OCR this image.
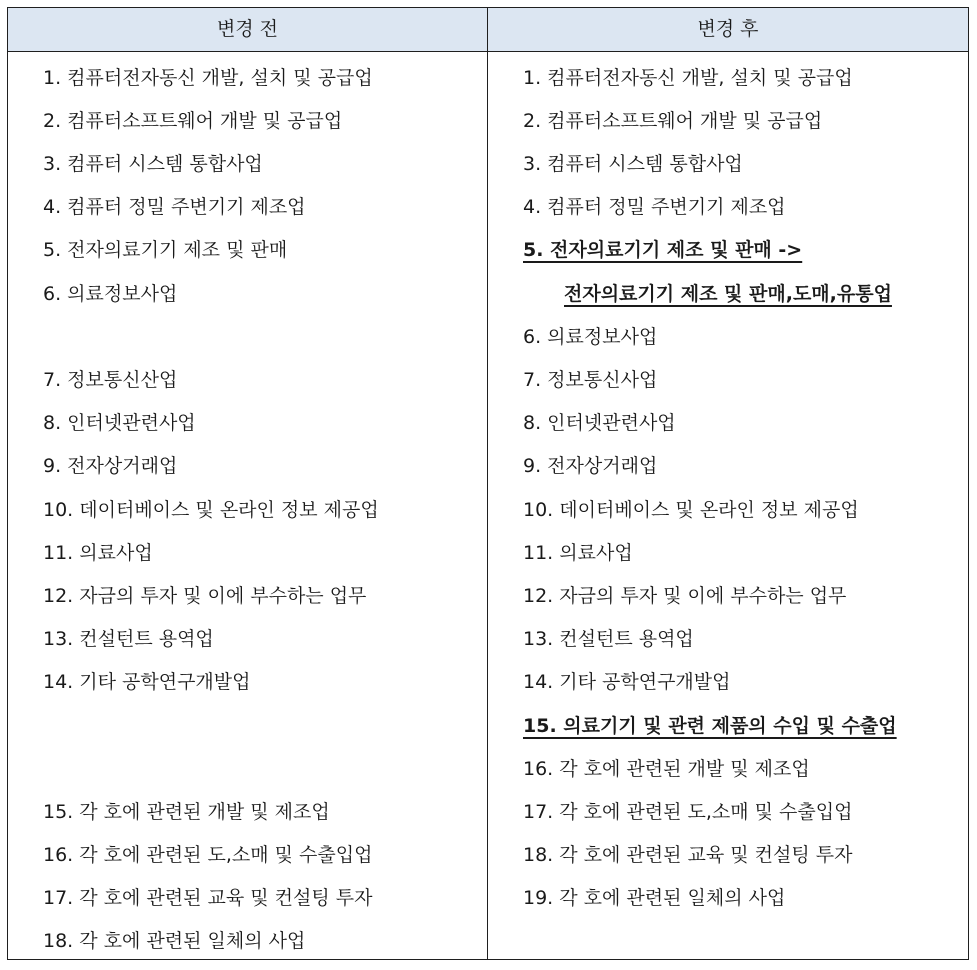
변경 전	변경 후
1. 컴퓨터전자동신 개발, 설치 및 공급업
2. 컴퓨터소프트웨어 개발 및 공급업
3. 컴퓨터 시스템 통합사업
4. 컴퓨터 정밀 주변기기 제조업
5. 전자의료기기 제조 및 판매
6. 의료정보사업
7. 정보통신산업
8. 인터넷관련사업
9. 전자상거래업
10. 데이터베이스 및 온라인 정보 제공업
11. 의료사업
12. 자금의 투자 및 이에 부수하는 업무
13. 컨설턴트 용역업
14. 기타 공학연구개발업
15. 각 호에 관련된 개발 및 제조업
16. 각 호에 관련된 도,소매 및 수출입업
17. 각 호에 관련된 교육 및 컨설팅 투자
18. 각 호에 관련된 일체의 사업
1. 컴퓨터전자동신 개발, 설치 및 공급업
2. 컴퓨터소프트웨어 개발 및 공급업
3. 컴퓨터 시스템 통합사업
4. 컴퓨터 정밀 주변기기 제조업
5. 전자의료기기 제조 및 판매 ->
전자의료기기 제조 및 판매,도매,유통업
6. 의료정보사업
7. 정보통신사업
8. 인터넷관련사업
9. 전자상거래업
10. 데이터베이스 및 온라인 정보 제공업
11. 의료사업
12. 자금의 투자 및 이에 부수하는 업무
13. 컨설턴트 용역업
14. 기타 공학연구개발업
15. 의료기기 및 관련 제품의 수입 및 수출업
16. 각 호에 관련된 개발 및 제조업
17. 각 호에 관련된 도,소매 및 수출입업
18. 각 호에 관련된 교육 및 컨설팅 투자
19. 각 호에 관련된 일체의 사업
